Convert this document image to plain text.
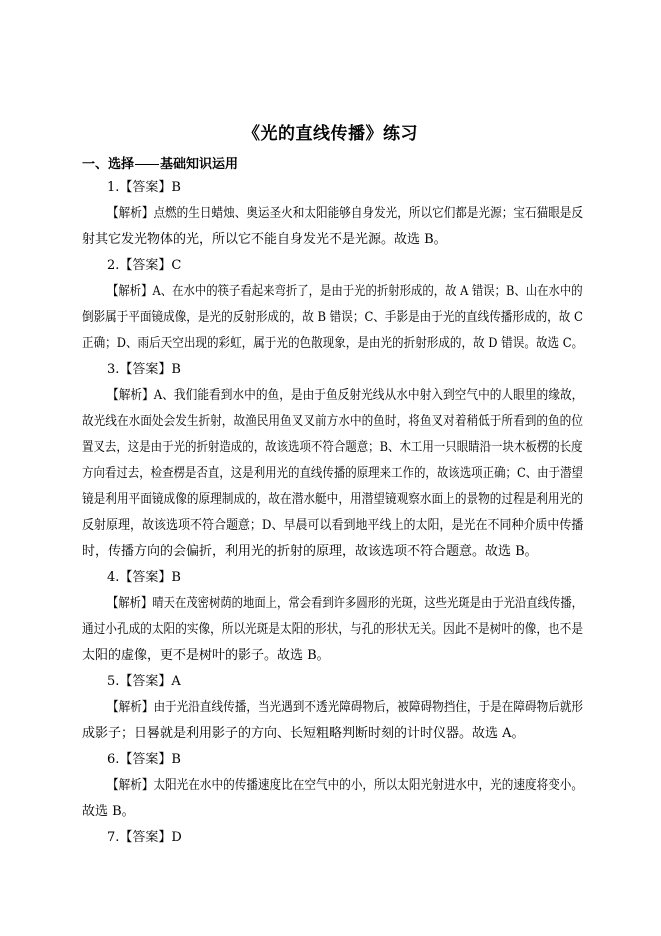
《光的直线传播》练习
一、选择 基础知识运用
1.【答案】B
【解析】点燃的生日蜡烛、奥运圣火和太阳能够自身发光，所以它们都是光源；宝石猫眼是反
射其它发光物体的光，所以它不能自身发光不是光源。故选 B。
2.【答案】C
【解析】A、在水中的筷子看起来弯折了，是由于光的折射形成的，故 A 错误；B、山在水中的
倒影属于平面镜成像，是光的反射形成的，故 B 错误；C、手影是由于光的直线传播形成的，故 C
正确；D、雨后天空出现的彩虹，属于光的色散现象，是由光的折射形成的，故 D 错误。故选 C。
3.【答案】B
【解析】A、我们能看到水中的鱼，是由于鱼反射光线从水中射入到空气中的人眼里的缘故，
故光线在水面处会发生折射，故渔民用鱼叉叉前方水中的鱼时，将鱼叉对着稍低于所看到的鱼的位
置叉去，这是由于光的折射造成的，故该选项不符合题意；B、木工用一只眼睛沿一块木板楞的长度
方向看过去，检查楞是否直，这是利用光的直线传播的原理来工作的，故该选项正确；C、由于潜望
镜是利用平面镜成像的原理制成的，故在潜水艇中，用潜望镜观察水面上的景物的过程是利用光的
反射原理，故该选项不符合题意；D、早晨可以看到地平线上的太阳，是光在不同种介质中传播
时，传播方向的会偏折，利用光的折射的原理，故该选项不符合题意。故选 B。
4.【答案】B
【解析】晴天在茂密树荫的地面上，常会看到许多圆形的光斑，这些光斑是由于光沿直线传播，
通过小孔成的太阳的实像，所以光斑是太阳的形状，与孔的形状无关。因此不是树叶的像，也不是
太阳的虚像，更不是树叶的影子。故选 B。
5.【答案】A
【解析】由于光沿直线传播，当光遇到不透光障碍物后，被障碍物挡住，于是在障碍物后就形
成影子；日晷就是利用影子的方向、长短粗略判断时刻的计时仪器。故选 A。
6.【答案】B
【解析】太阳光在水中的传播速度比在空气中的小，所以太阳光射进水中，光的速度将变小。
故选 B。
7.【答案】D
